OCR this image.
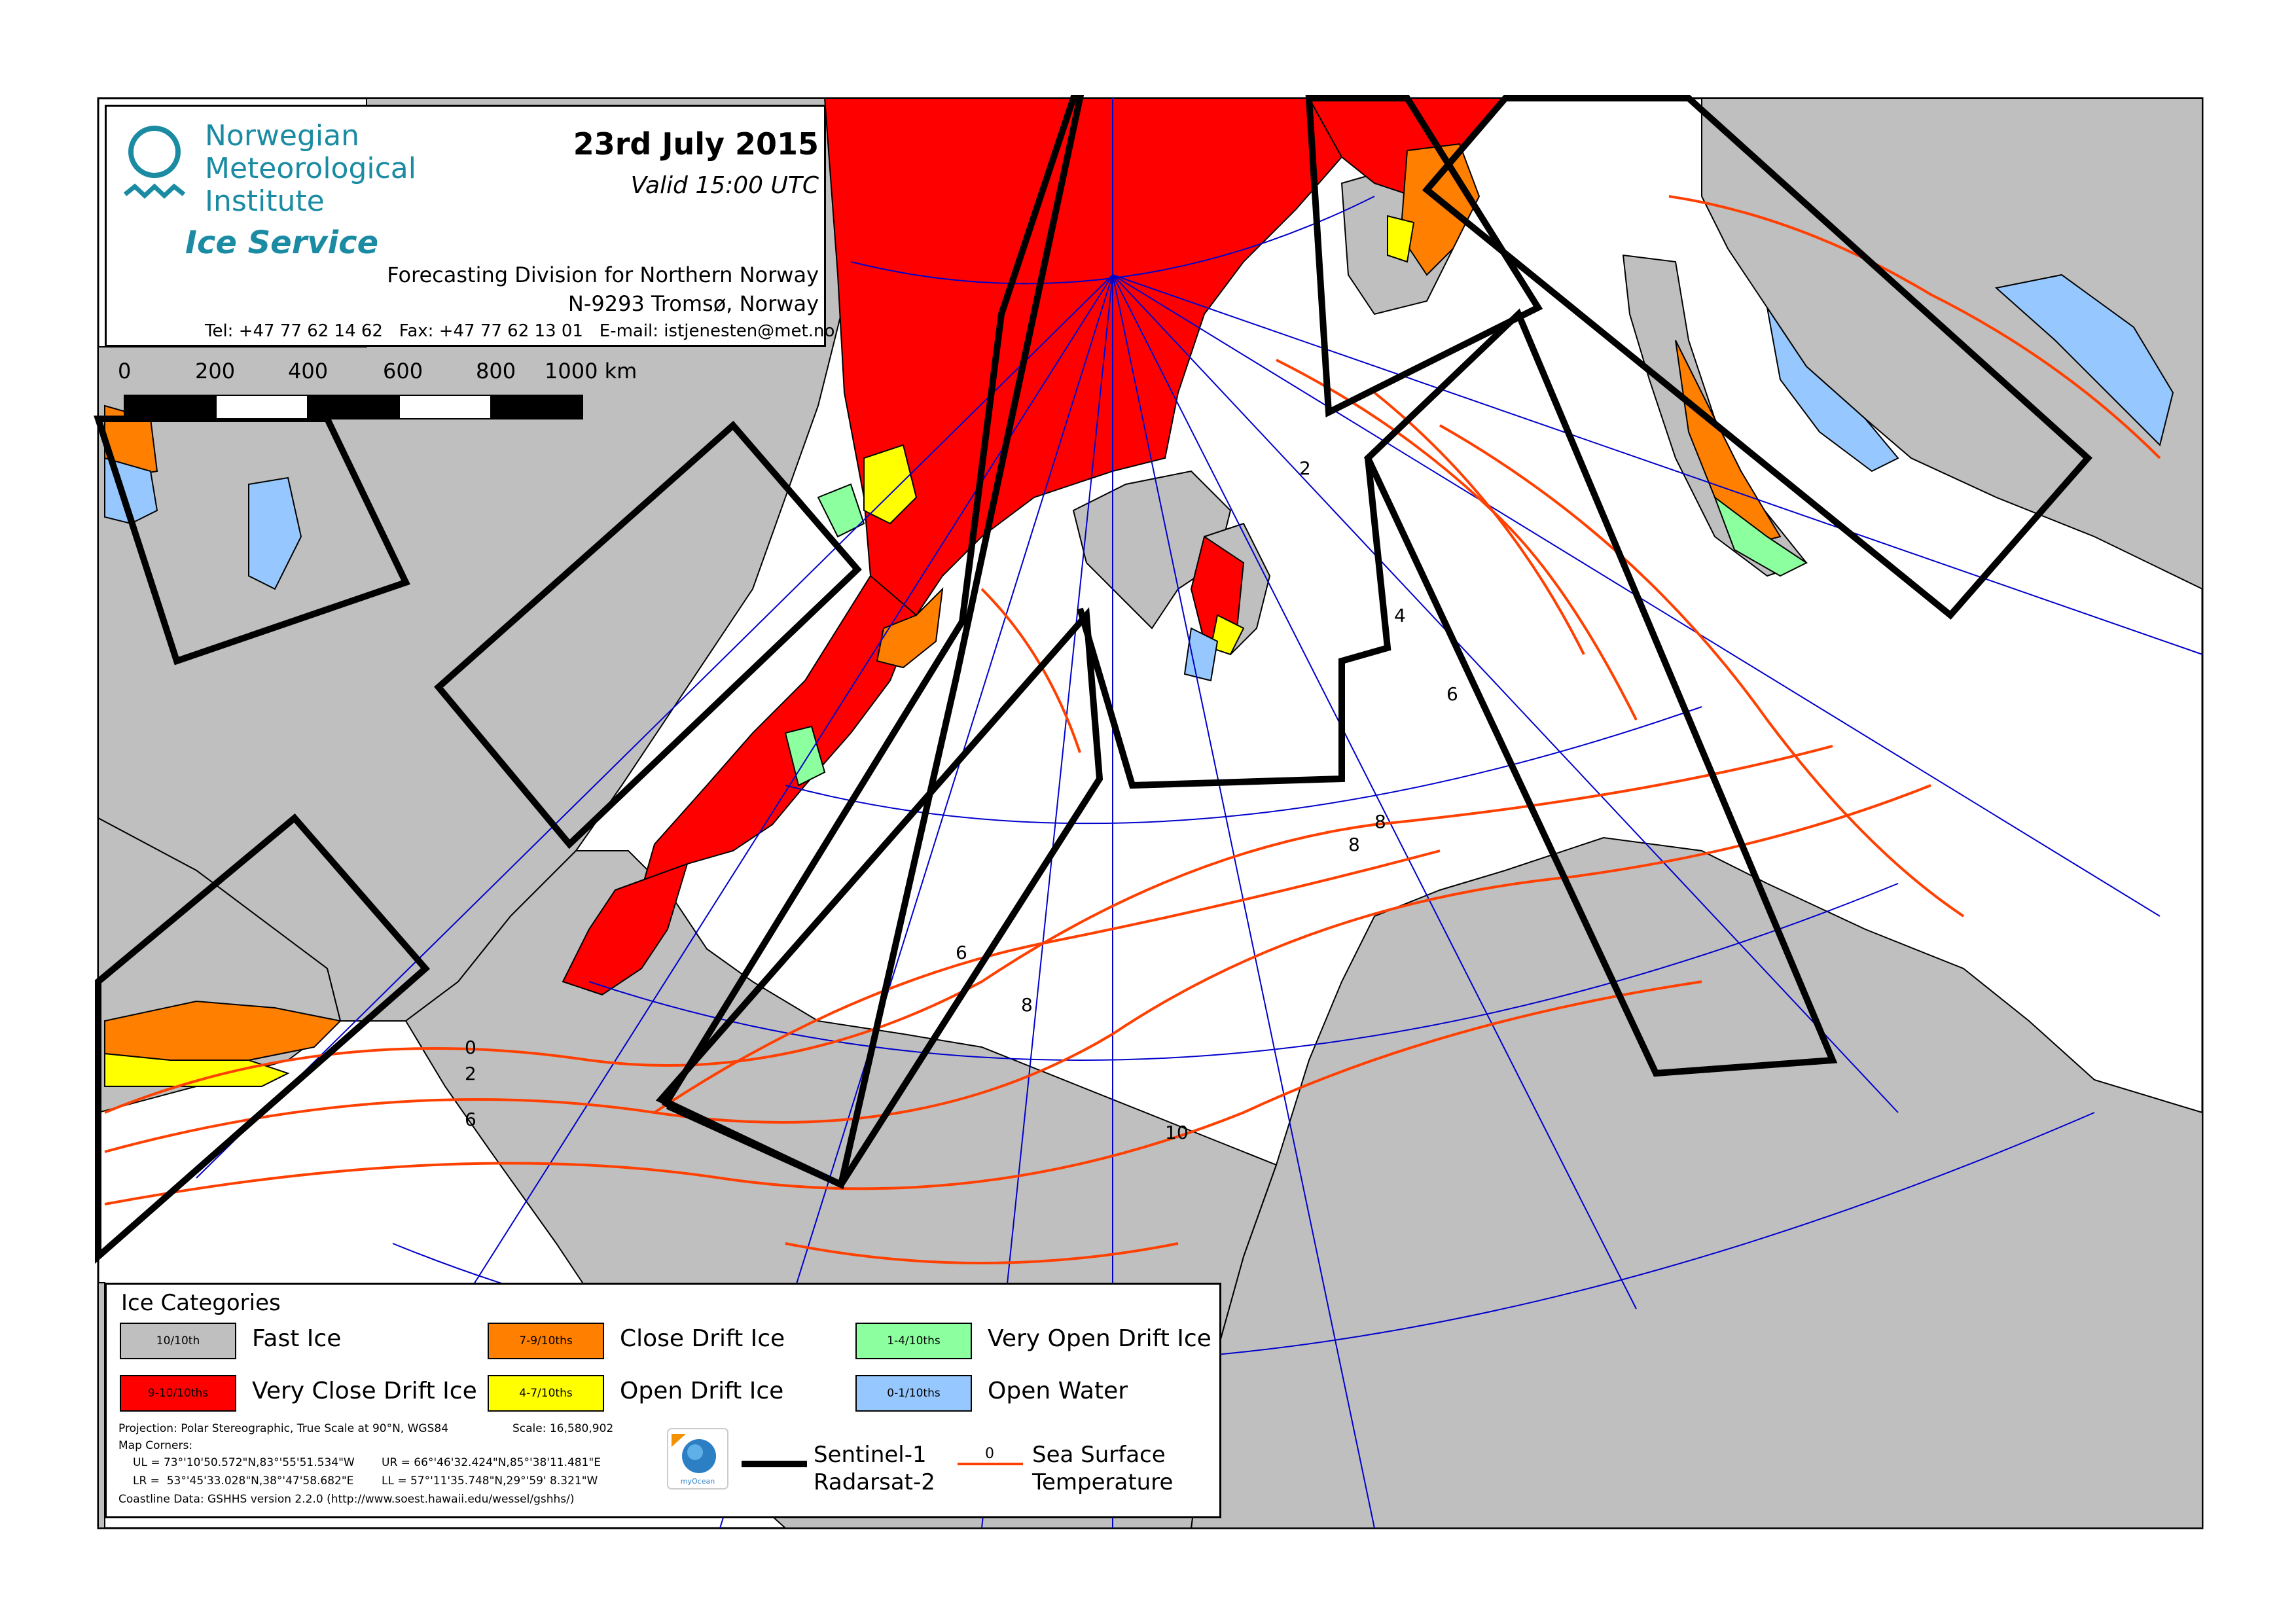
0
2
6
2
4
6
8
8
6
8
10
0	200	400	600	800 1000 km
Norwegian
Meteorological
Institute
Ice Service
23rd July 2015
Valid 15:00 UTC
Forecasting Division for Northern Norway
N-9293 Tromsø, Norway
Tel: +47 77 62 14 62 Fax: +47 77 62 13 01 E-mail: istjenesten@met.no
Ice Categories
10/10th	Fast Ice
9-10/10ths	Very Close Drift Ice
7-9/10ths	Close Drift Ice
4-7/10ths	Open Drift Ice
1-4/10ths	Very Open Drift Ice
0-1/10ths	Open Water
Projection: Polar Stereographic, True Scale at 90°N, WGS84	Scale: 16,580,902
Map Corners:
UL = 73°'10'50.572"N,83°'55'51.534"W UR = 66°'46'32.424"N,85°'38'11.481"E
LR =  53°'45'33.028"N,38°'47'58.682"E	LL = 57°'11'35.748"N,29°'59' 8.321"W
Coastline Data: GSHHS version 2.2.0 (http://www.soest.hawaii.edu/wessel/gshhs/)
myOcean
Sentinel-1
Radarsat-2
0 Sea Surface
Temperature
